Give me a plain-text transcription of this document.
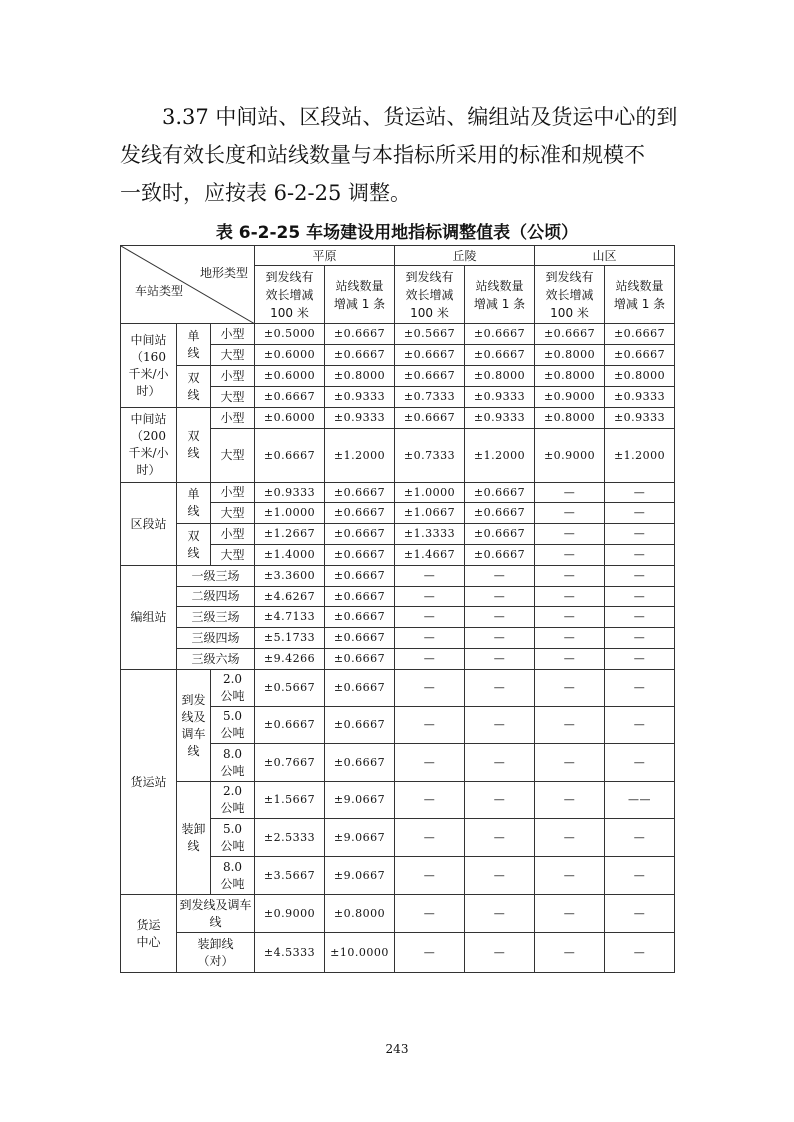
3.37 中间站、区段站、货运站、编组站及货运中心的到
发线有效长度和站线数量与本指标所采用的标准和规模不
一致时，应按表 6-2-25 调整。
表 6-2-25 车场建设用地指标调整值表（公顷）
地形类型
车站类型			平原		丘陵		山区	

			到发线有效长增减100 米	站线数量增减 1 条	到发线有效长增减100 米	站线数量增减 1 条	到发线有效长增减100 米	站线数量增减 1 条

中间站（160 千米/小时）	单线	小型	±0.5000	±0.6667	±0.5667	±0.6667	±0.6667	±0.6667
		大型	±0.6000	±0.6667	±0.6667	±0.6667	±0.8000	±0.6667

	双线	小型	±0.6000	±0.8000	±0.6667	±0.8000	±0.8000	±0.8000
		大型	±0.6667	±0.9333	±0.7333	±0.9333	±0.9000	±0.9333

中间站（200 千米/小时）	双线	小型	±0.6000	±0.9333	±0.6667	±0.9333	±0.8000	±0.9333
		大型	±0.6667	±1.2000	±0.7333	±1.2000	±0.9000	±1.2000
区段站	单线	小型	±0.9333	±0.6667	±1.0000	±0.6667	—	—
		大型	±1.0000	±0.6667	±1.0667	±0.6667	—	—

	双线	小型	±1.2667	±0.6667	±1.3333	±0.6667	—	—
		大型	±1.4000	±0.6667	±1.4667	±0.6667	—	—
编组站	一级三场		±3.3600	±0.6667	—	—	—	—
	二级四场		±4.6267	±0.6667	—	—	—	—
	三级三场		±4.7133	±0.6667	—	—	—	—
	三级四场		±5.1733	±0.6667	—	—	—	—
	三级六场		±9.4266	±0.6667	—	—	—	—
货运站	到发线及调车线	2.0 公吨	±0.5667	±0.6667	—	—	—	—

		5.0 公吨	±0.6667	±0.6667	—	—	—	—

		8.0 公吨	±0.7667	±0.6667	—	—	—	—

	装卸线	2.0 公吨	±1.5667	±9.0667	—	—	—	——

		5.0 公吨	±2.5333	±9.0667	—	—	—	—

		8.0 公吨	±3.5667	±9.0667	—	—	—	—

货运中心	到发线及调车线		±0.9000	±0.8000	—	—	—	—

	装卸线（对）		±4.5333	±10.0000	—	—	—	—
243
